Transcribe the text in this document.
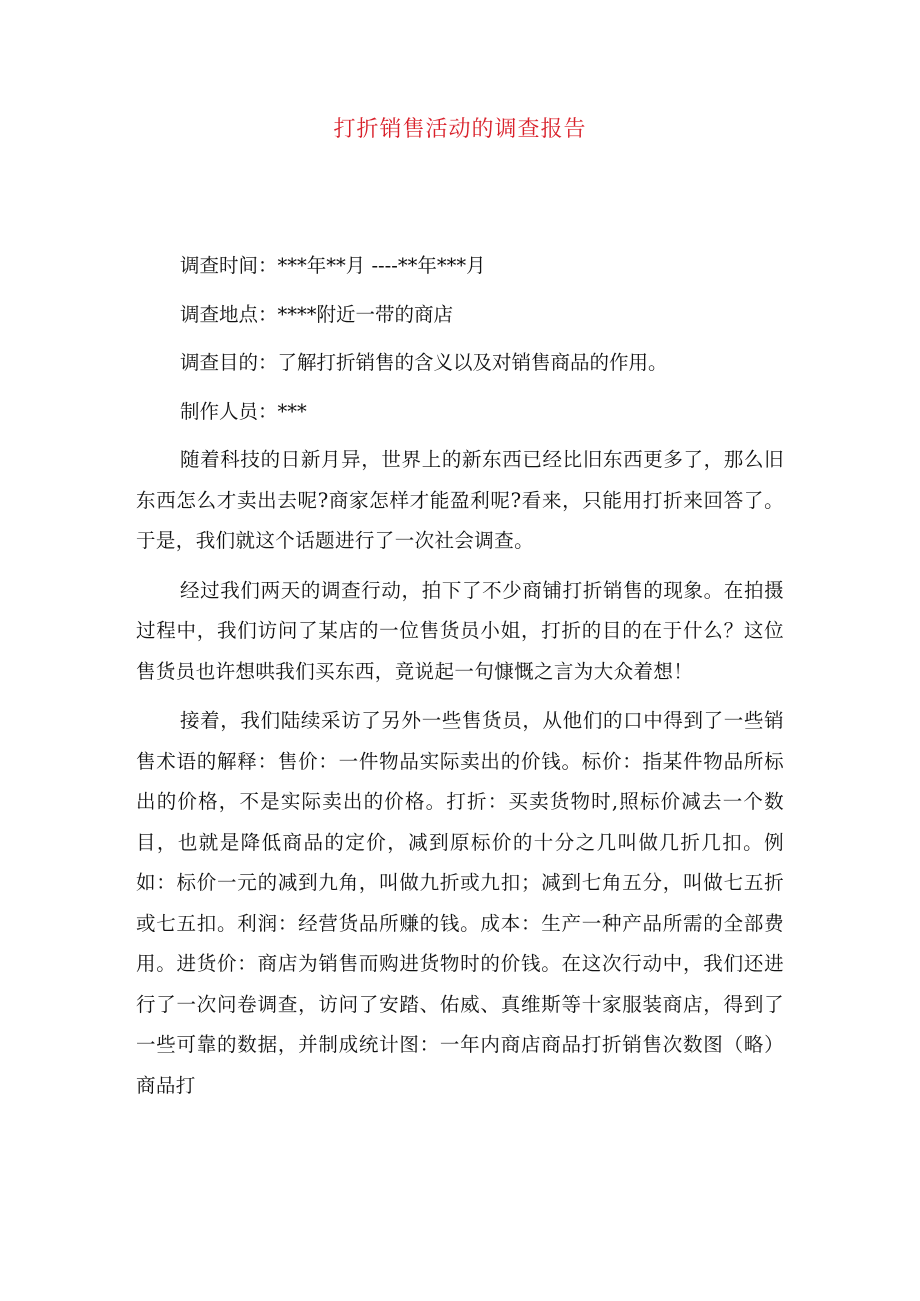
打折销售活动的调查报告
调查时间：***年**月 ----**年***月
调查地点：****附近一带的商店
调查目的：了解打折销售的含义以及对销售商品的作用。
制作人员：***

随着科技的日新月异，世界上的新东西已经比旧东西更多了，那么旧东西怎么才卖出去呢?商家怎样才能盈利呢?看来，只能用打折来回答了。于是，我们就这个话题进行了一次社会调查。

经过我们两天的调查行动，拍下了不少商铺打折销售的现象。在拍摄过程中，我们访问了某店的一位售货员小姐，打折的目的在于什么？这位售货员也许想哄我们买东西，竟说起一句慷慨之言为大众着想！

接着，我们陆续采访了另外一些售货员，从他们的口中得到了一些销售术语的解释：售价：一件物品实际卖出的价钱。标价：指某件物品所标出的价格，不是实际卖出的价格。打折：买卖货物时,照标价减去一个数目，也就是降低商品的定价，减到原标价的十分之几叫做几折几扣。例如：标价一元的减到九角，叫做九折或九扣；减到七角五分，叫做七五折或七五扣。利润：经营货品所赚的钱。成本：生产一种产品所需的全部费用。进货价：商店为销售而购进货物时的价钱。在这次行动中，我们还进行了一次问卷调查，访问了安踏、佑威、真维斯等十家服装商店，得到了一些可靠的数据，并制成统计图：一年内商店商品打折销售次数图（略）商品打
